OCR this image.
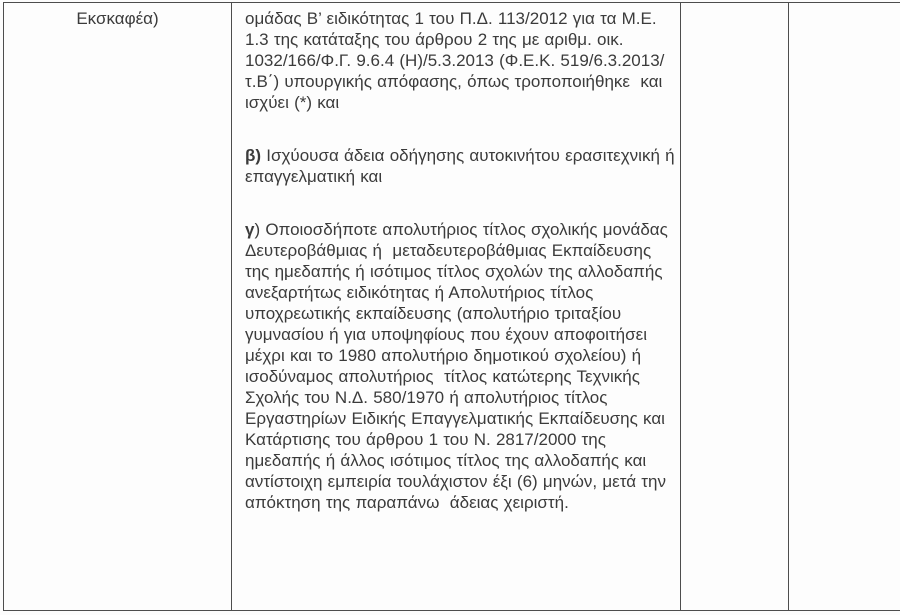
Εκσκαφέα)	ομάδας Β’ ειδικότητας 1 του Π.Δ. 113/2012 για τα Μ.Ε. 1.3 της κατάταξης του άρθρου 2 της με αριθμ. οικ. 1032/166/Φ.Γ. 9.6.4 (Η)/5.3.2013 (Φ.Ε.Κ. 519/6.3.2013/τ.Β΄) υπουργικής απόφασης, όπως τροποποιήθηκε  και ισχύει (*) και

β) Ισχύουσα άδεια οδήγησης αυτοκινήτου ερασιτεχνική ή επαγγελματική και

γ) Οποιοσδήποτε απολυτήριος τίτλος σχολικής μονάδας Δευτεροβάθμιας ή  μεταδευτεροβάθμιας Εκπαίδευσης της ημεδαπής ή ισότιμος τίτλος σχολών της αλλοδαπής ανεξαρτήτως ειδικότητας ή Απολυτήριος τίτλος  υποχρεωτικής εκπαίδευσης (απολυτήριο τριταξίου γυμνασίου ή για υποψηφίους που έχουν αποφοιτήσει μέχρι και το 1980 απολυτήριο δημοτικού σχολείου) ή ισοδύναμος απολυτήριος  τίτλος κατώτερης Τεχνικής Σχολής του Ν.Δ. 580/1970 ή απολυτήριος τίτλος Εργαστηρίων Ειδικής Επαγγελματικής Εκπαίδευσης και Κατάρτισης του άρθρου 1 του Ν. 2817/2000 της ημεδαπής ή άλλος ισότιμος τίτλος της αλλοδαπής και αντίστοιχη εμπειρία τουλάχιστον έξι (6) μηνών, μετά την απόκτηση της παραπάνω  άδειας χειριστή.
